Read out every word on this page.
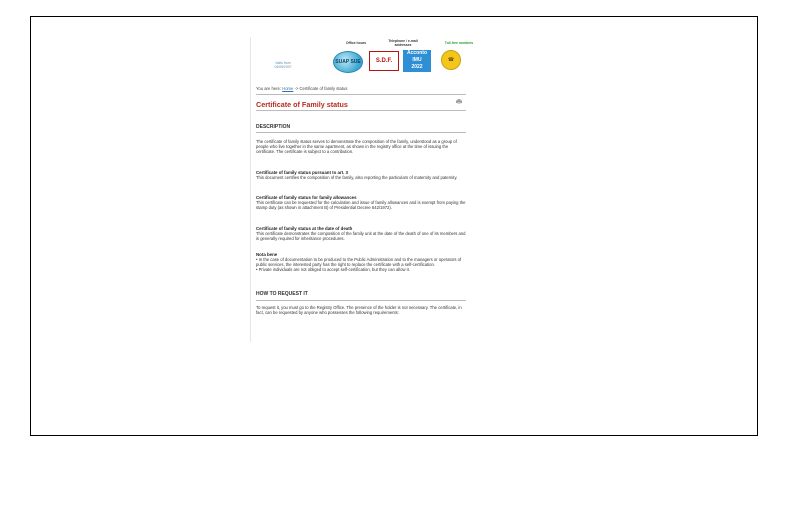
visits from
04/05/2007
Office hours	Telephone / e-mail
addresses	Toll-free numbers
SUAP SUE	S.D.F.
Acconto
IMU
2022
☎
You are here: Home -> Certificate of family status
Certificate of Family status
DESCRIPTION
The certificate of family status serves to demonstrate the composition of the family, understood as a group of people who live together in the same apartment, as shown in the registry office at the time of issuing the certificate. The certificate is subject to a contribution.
Certificate of family status pursuant to art. 3
This document certifies the composition of the family, also reporting the particulars of maternity and paternity.
Certificate of family status for family allowances
This certificate can be requested for the calculation and issue of family allowances and is exempt from paying the stamp duty (as shown in attachment B) of Presidential Decree 642/1972).
Certificate of family status at the date of death
This certificate demonstrates the composition of the family unit at the date of the death of one of its members and is generally required for inheritance procedures.
Nota bene
• In the case of documentation to be produced to the Public Administration and to the managers or operators of public services, the interested party has the right to replace the certificate with a self-certification.
• Private individuals are not obliged to accept self-certification, but they can allow it.
HOW TO REQUEST IT
To request it, you must go to the Registry Office. The presence of the holder is not necessary. The certificate, in fact, can be requested by anyone who possesses the following requirements:
